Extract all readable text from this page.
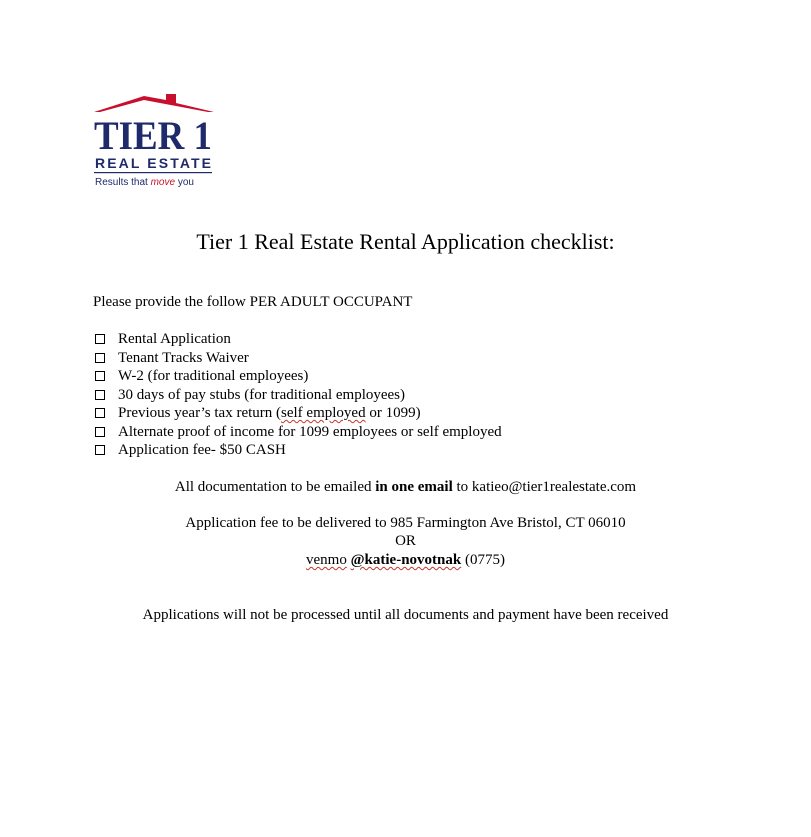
TIER 1
REAL ESTATE
Results that move you
Tier 1 Real Estate Rental Application checklist:
Please provide the follow PER ADULT OCCUPANT
Rental Application
Tenant Tracks Waiver
W-2 (for traditional employees)
30 days of pay stubs (for traditional employees)
Previous year’s tax return (self employed or 1099)
Alternate proof of income for 1099 employees or self employed
Application fee- $50 CASH
All documentation to be emailed in one email to katieo@tier1realestate.com
Application fee to be delivered to 985 Farmington Ave Bristol, CT 06010
OR
venmo @katie-novotnak (0775)
Applications will not be processed until all documents and payment have been received
